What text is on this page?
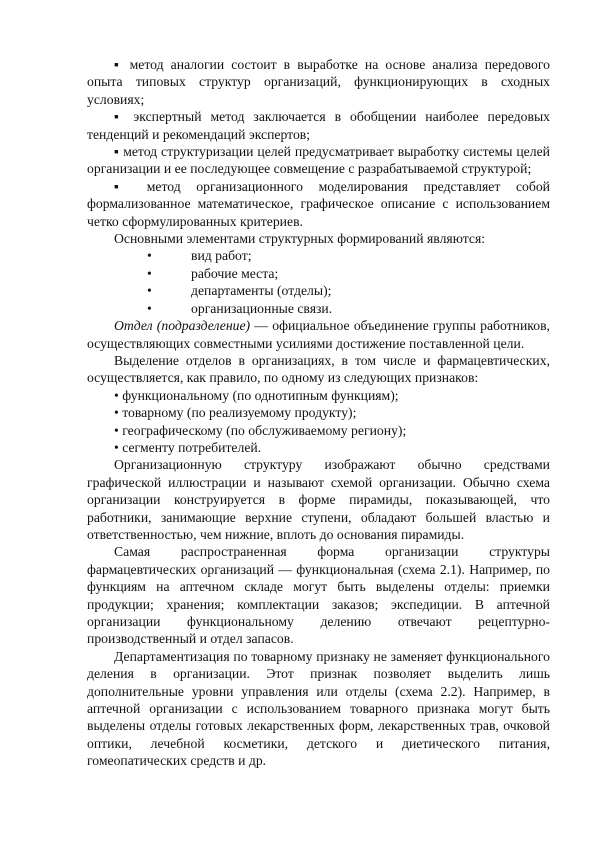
▪ метод аналогии состоит в выработке на основе анализа передового опыта типовых структур организаций, функционирующих в сходных условиях;

▪ экспертный метод заключается в обобщении наиболее передовых тенденций и рекомендаций экспертов;

▪ метод структуризации целей предусматривает выработку системы целей организации и ее последующее совмещение с разрабатываемой структурой;

▪ метод организационного моделирования представляет собой формализованное математическое, графическое описание с использованием четко сформулированных критериев.

Основными элементами структурных формирований являются:

•	вид работ;
•	рабочие места;
•	департаменты (отделы);
•	организационные связи.

Отдел (подразделение) — официальное объединение группы работников, осуществляющих совместными усилиями достижение поставленной цели.

Выделение отделов в организациях, в том числе и фармацевтических, осуществляется, как правило, по одному из следующих признаков:

• функциональному (по однотипным функциям);

• товарному (по реализуемому продукту);

• географическому (по обслуживаемому региону);

• сегменту потребителей.

Организационную структуру изображают обычно средствами графической иллюстрации и называют схемой организации. Обычно схема организации конструируется в форме пирамиды, показывающей, что работники, занимающие верхние ступени, обладают большей властью и ответственностью, чем нижние, вплоть до основания пирамиды.

Самая распространенная форма организации структуры фармацевтических организаций — функциональная (схема 2.1). Например, по функциям на аптечном складе могут быть выделены отделы: приемки продукции; хранения; комплектации заказов; экспедиции. В аптечной организации функциональному делению отвечают рецептурно-производственный и отдел запасов.

Департаментизация по товарному признаку не заменяет функционального деления в организации. Этот признак позволяет выделить лишь дополнительные уровни управления или отделы (схема 2.2). Например, в аптечной организации с использованием товарного признака могут быть выделены отделы готовых лекарственных форм, лекарственных трав, очковой оптики, лечебной косметики, детского и диетического питания, гомеопатических средств и др.
